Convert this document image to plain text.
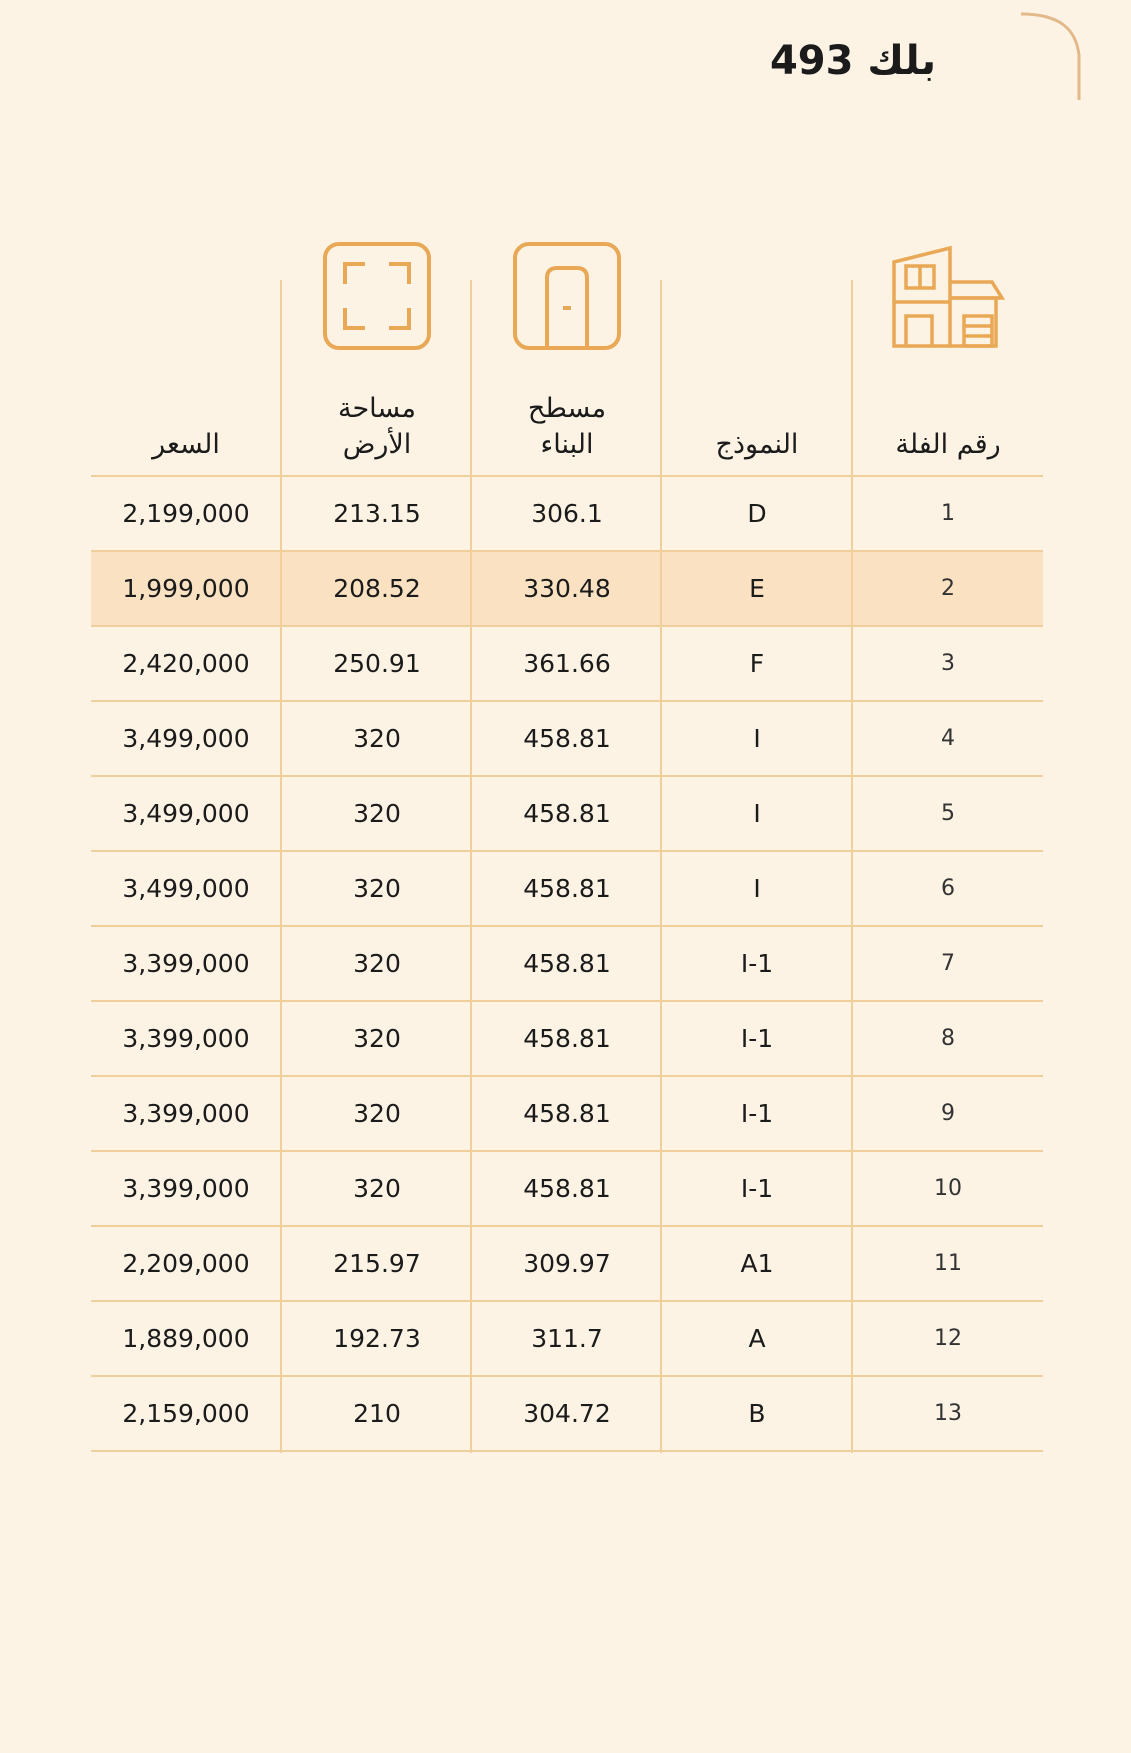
بلك 493
رقم الفلة
النموذج
مسطح
البناء
مساحة
الأرض
السعر
1
D
306.1
213.15
2,199,000
2
E
330.48
208.52
1,999,000
3
F
361.66
250.91
2,420,000
4
I
458.81
320
3,499,000
5
I
458.81
320
3,499,000
6
I
458.81
320
3,499,000
7
I-1
458.81
320
3,399,000
8
I-1
458.81
320
3,399,000
9
I-1
458.81
320
3,399,000
10
I-1
458.81
320
3,399,000
11
A1
309.97
215.97
2,209,000
12
A
311.7
192.73
1,889,000
13
B
304.72
210
2,159,000
